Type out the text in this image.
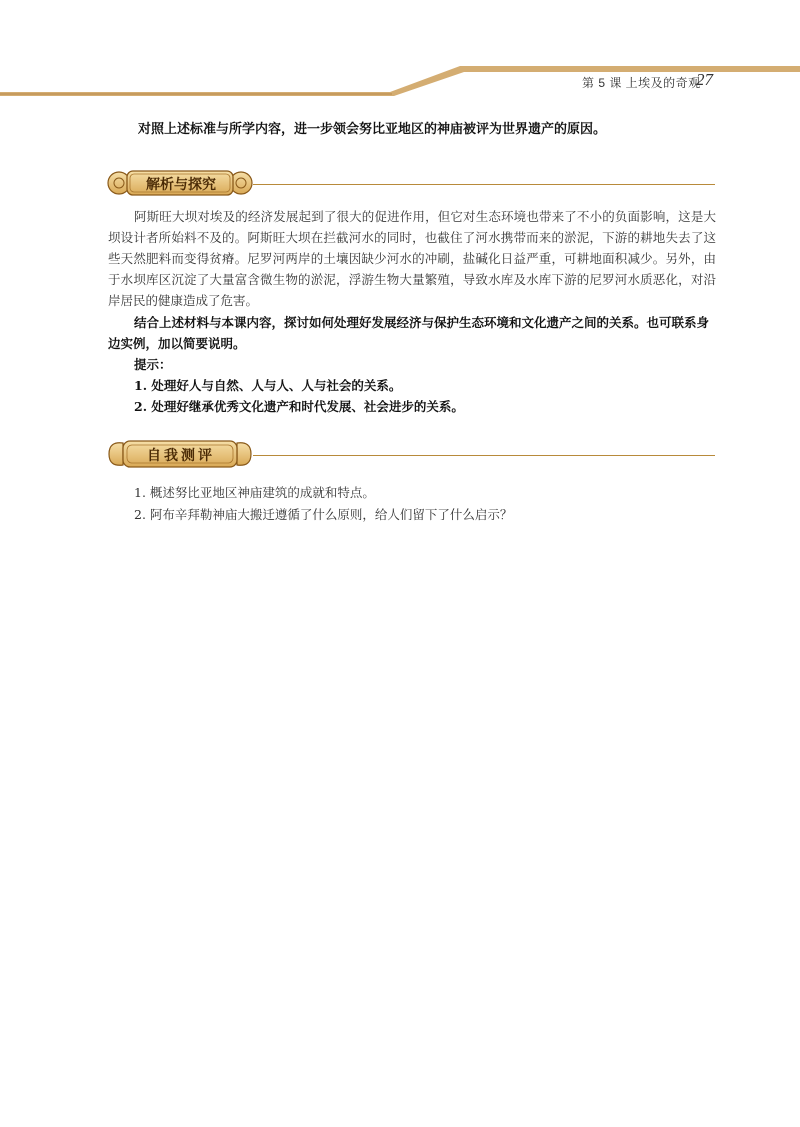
第 5 课 上埃及的奇观
27
对照上述标准与所学内容，进一步领会努比亚地区的神庙被评为世界遗产的原因。
解析与探究
阿斯旺大坝对埃及的经济发展起到了很大的促进作用，但它对生态环境也带来了不小的负面影响，这是大坝设计者所始料不及的。阿斯旺大坝在拦截河水的同时，也截住了河水携带而来的淤泥，下游的耕地失去了这些天然肥料而变得贫瘠。尼罗河两岸的土壤因缺少河水的冲刷，盐碱化日益严重，可耕地面积减少。另外，由于水坝库区沉淀了大量富含微生物的淤泥，浮游生物大量繁殖，导致水库及水库下游的尼罗河水质恶化，对沿岸居民的健康造成了危害。
结合上述材料与本课内容，探讨如何处理好发展经济与保护生态环境和文化遗产之间的关系。也可联系身边实例，加以简要说明。
提示：
1. 处理好人与自然、人与人、人与社会的关系。
2. 处理好继承优秀文化遗产和时代发展、社会进步的关系。
自我测评
1. 概述努比亚地区神庙建筑的成就和特点。
2. 阿布辛拜勒神庙大搬迁遵循了什么原则，给人们留下了什么启示？
